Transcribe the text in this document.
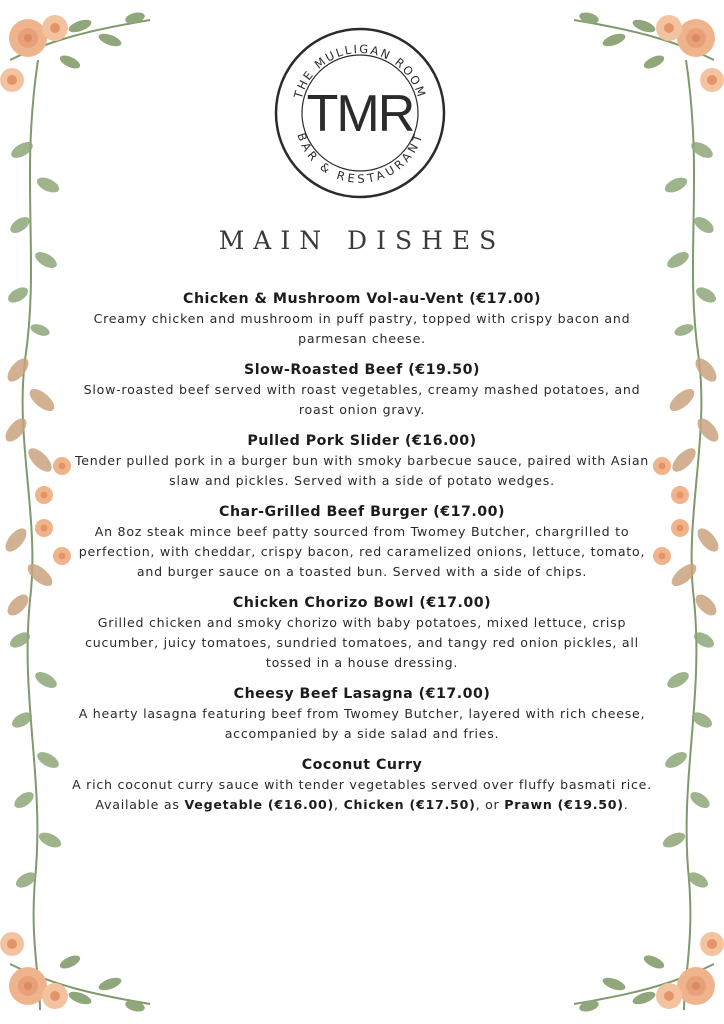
THE MULLIGAN ROOM
TMR
BAR & RESTAURANT
MAIN DISHES

Chicken & Mushroom Vol-au-Vent (€17.00)

Creamy chicken and mushroom in puff pastry, topped with crispy bacon and parmesan cheese.

Slow-Roasted Beef (€19.50)

Slow-roasted beef served with roast vegetables, creamy mashed potatoes, and roast onion gravy.

Pulled Pork Slider (€16.00)

Tender pulled pork in a burger bun with smoky barbecue sauce, paired with Asian slaw and pickles. Served with a side of potato wedges.

Char-Grilled Beef Burger (€17.00)

An 8oz steak mince beef patty sourced from Twomey Butcher, chargrilled to perfection, with cheddar, crispy bacon, red caramelized onions, lettuce, tomato, and burger sauce on a toasted bun. Served with a side of chips.

Chicken Chorizo Bowl (€17.00)

Grilled chicken and smoky chorizo with baby potatoes, mixed lettuce, crisp cucumber, juicy tomatoes, sundried tomatoes, and tangy red onion pickles, all tossed in a house dressing.

Cheesy Beef Lasagna (€17.00)

A hearty lasagna featuring beef from Twomey Butcher, layered with rich cheese, accompanied by a side salad and fries.

Coconut Curry

A rich coconut curry sauce with tender vegetables served over fluffy basmati rice. Available as Vegetable (€16.00), Chicken (€17.50), or Prawn (€19.50).
